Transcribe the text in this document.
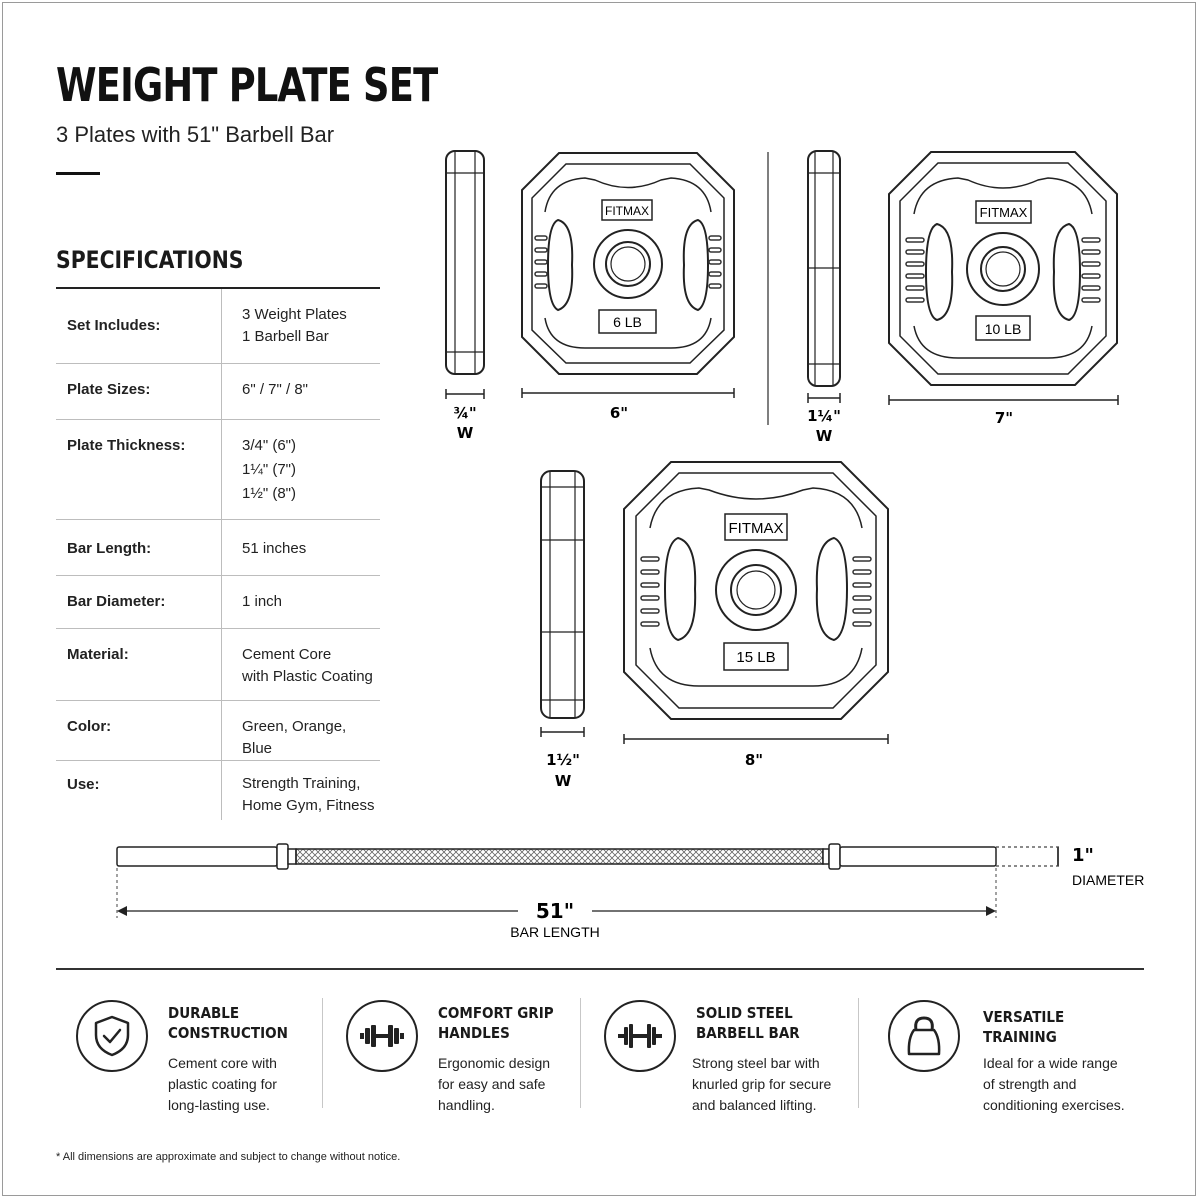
WEIGHT PLATE SET
3 Plates with 51" Barbell Bar
SPECIFICATIONS
Set Includes:	3 Weight Plates
1 Barbell Bar
Plate Sizes:	6" / 7" / 8"
Plate Thickness:	3/4" (6")
1¼" (7")
1½" (8")
Bar Length:	51 inches
Bar Diameter:	1 inch
Material:	Cement Core
with Plastic Coating
Color:	Green, Orange, Blue
Use:	Strength Training,
Home Gym, Fitness
¾"
W
FITMAX
6 LB
6"	1¼"
W
FITMAX
10 LB
7"
1½"
W
FITMAX
15 LB
8"
1"
DIAMETER
51"
BAR LENGTH
DURABLE
CONSTRUCTION

Cement core with
plastic coating for
long-lasting use.

COMFORT GRIP
HANDLES

Ergonomic design
for easy and safe
handling.

SOLID STEEL
BARBELL BAR

Strong steel bar with
knurled grip for secure
and balanced lifting.

VERSATILE
TRAINING

Ideal for a wide range
of strength and
conditioning exercises.

* All dimensions are approximate and subject to change without notice.
